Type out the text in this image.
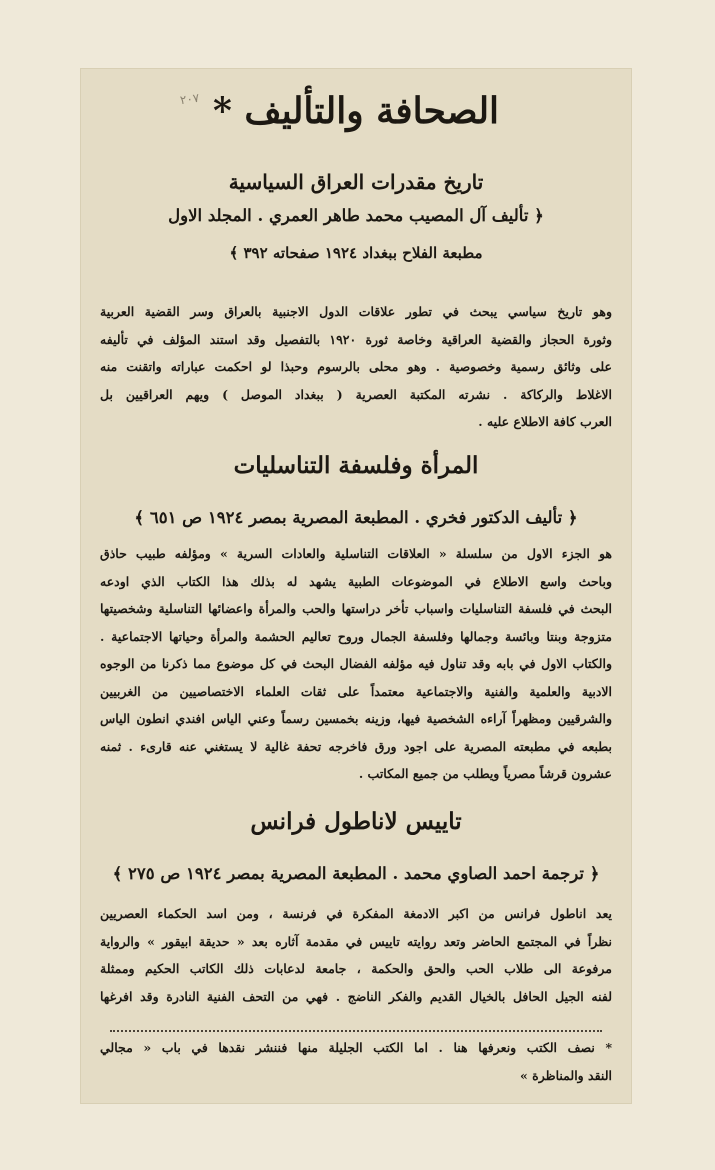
٢٠٧ الصحافة والتأليف *
تاريخ مقدرات العراق السياسية
﴿ تأليف آل المصيب محمد طاهر العمري . المجلد الاول
مطبعة الفلاح ببغداد ١٩٢٤ صفحاته ٣٩٢ ﴾
وهو تاريخ سياسي يبحث في تطور علاقات الدول الاجنبية بالعراق وسر القضية العربية
وثورة الحجاز والقضية العراقية وخاصة ثورة ١٩٢٠ بالتفصيل وقد استند المؤلف في تأليفه
على وثائق رسمية وخصوصية . وهو محلى بالرسوم وحبذا لو احكمت عباراته واتقنت منه
الاغلاط والركاكة . نشرته المكتبة العصرية ( ببغداد الموصل ) ويهم العراقيين بل
العرب كافة الاطلاع عليه .
المرأة وفلسفة التناسليات
﴿ تأليف الدكتور فخري . المطبعة المصرية بمصر ١٩٢٤ ص ٦٥١ ﴾
هو الجزء الاول من سلسلة « العلاقات التناسلية والعادات السرية » ومؤلفه طبيب حاذق
وباحث واسع الاطلاع في الموضوعات الطبية يشهد له بذلك هذا الكتاب الذي اودعه
البحث في فلسفة التناسليات واسباب تأخر دراستها والحب والمرأة واعضائها التناسلية وشخصيتها
متزوجة وبنتا وبائسة وجمالها وفلسفة الجمال وروح تعاليم الحشمة والمرأة وحياتها الاجتماعية .
والكتاب الاول في بابه وقد تناول فيه مؤلفه الفضال البحث في كل موضوع مما ذكرنا من الوجوه
الادبية والعلمية والفنية والاجتماعية معتمداً على ثقات العلماء الاختصاصيين من الغربيين
والشرقيين ومظهراً آراءه الشخصية فيها، وزينه بخمسين رسماً وعني الياس افندي انطون الياس
بطبعه في مطبعته المصرية على اجود ورق فاخرجه تحفة غالية لا يستغني عنه قارىء . ثمنه
عشرون قرشاً مصرياً ويطلب من جميع المكاتب .
تاييس لاناطول فرانس
﴿ ترجمة احمد الصاوي محمد . المطبعة المصرية بمصر ١٩٢٤ ص ٢٧٥ ﴾
يعد اناطول فرانس من اكبر الادمغة المفكرة في فرنسة ، ومن اسد الحكماء العصريين
نظراً في المجتمع الحاضر وتعد روايته تاييس في مقدمة آثاره بعد « حديقة ابيقور » والرواية
مرفوعة الى طلاب الحب والحق والحكمة ، جامعة لدعابات ذلك الكاتب الحكيم وممثلة
لفنه الجيل الحافل بالخيال القديم والفكر الناضج . فهي من التحف الفنية النادرة وقد افرغها
* نصف الكتب ونعرفها هنا . اما الكتب الجليلة منها فننشر نقدها في باب « مجالي
النقد والمناظرة »
